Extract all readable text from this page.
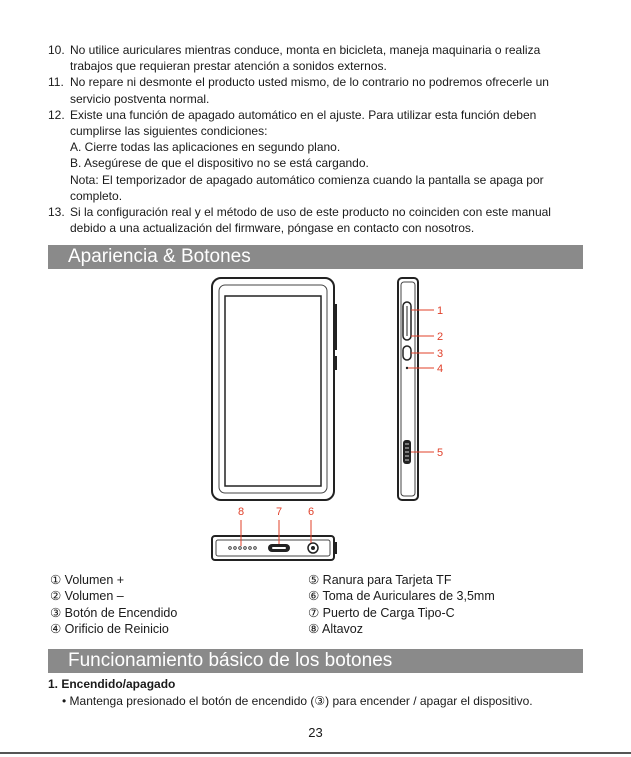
10. No utilice auriculares mientras conduce, monta en bicicleta, maneja maquinaria o realiza
trabajos que requieran prestar atención a sonidos externos.
11. No repare ni desmonte el producto usted mismo, de lo contrario no podremos ofrecerle un
servicio postventa normal.
12. Existe una función de apagado automático en el ajuste. Para utilizar esta función deben
cumplirse las siguientes condiciones:
A. Cierre todas las aplicaciones en segundo plano.
B. Asegúrese de que el dispositivo no se está cargando.
Nota: El temporizador de apagado automático comienza cuando la pantalla se apaga por
completo.
13. Si la configuración real y el método de uso de este producto no coinciden con este manual
debido a una actualización del firmware, póngase en contacto con nosotros.
Apariencia & Botones
1
2
3
4
5
8	7 6
① Volumen +
② Volumen –
③ Botón de Encendido
④ Orificio de Reinicio
⑤ Ranura para Tarjeta TF
⑥ Toma de Auriculares de 3,5mm
⑦ Puerto de Carga Tipo-C
⑧ Altavoz
Funcionamiento básico de los botones
1. Encendido/apagado
• Mantenga presionado el botón de encendido (③) para encender / apagar el dispositivo.
23
